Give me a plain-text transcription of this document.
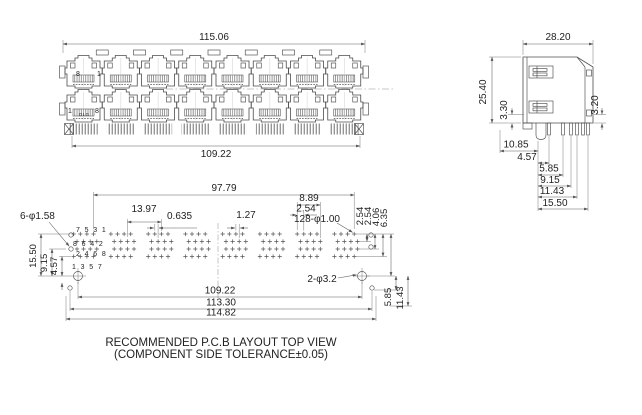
115.06
8 1
1 GLG 8
109.22
28.20
25.40
3.30	3.20
10.85
4.57
5.85
9.15
11.43
15.50
7 5 3 1
8 6 4 2
2 4 6 8
1 3 5 7
97.79
13.97
0.635	1.27
8.89
2.54
128-φ1.00
6-φ1.58
2-φ3.2
2.54
2.54
4.06
6.35
15.50 9.15 4.57
109.22
113.30
114.82
5.85 11.43
RECOMMENDED P.C.B LAYOUT TOP VIEW
(COMPONENT SIDE TOLERANCE±0.05)
